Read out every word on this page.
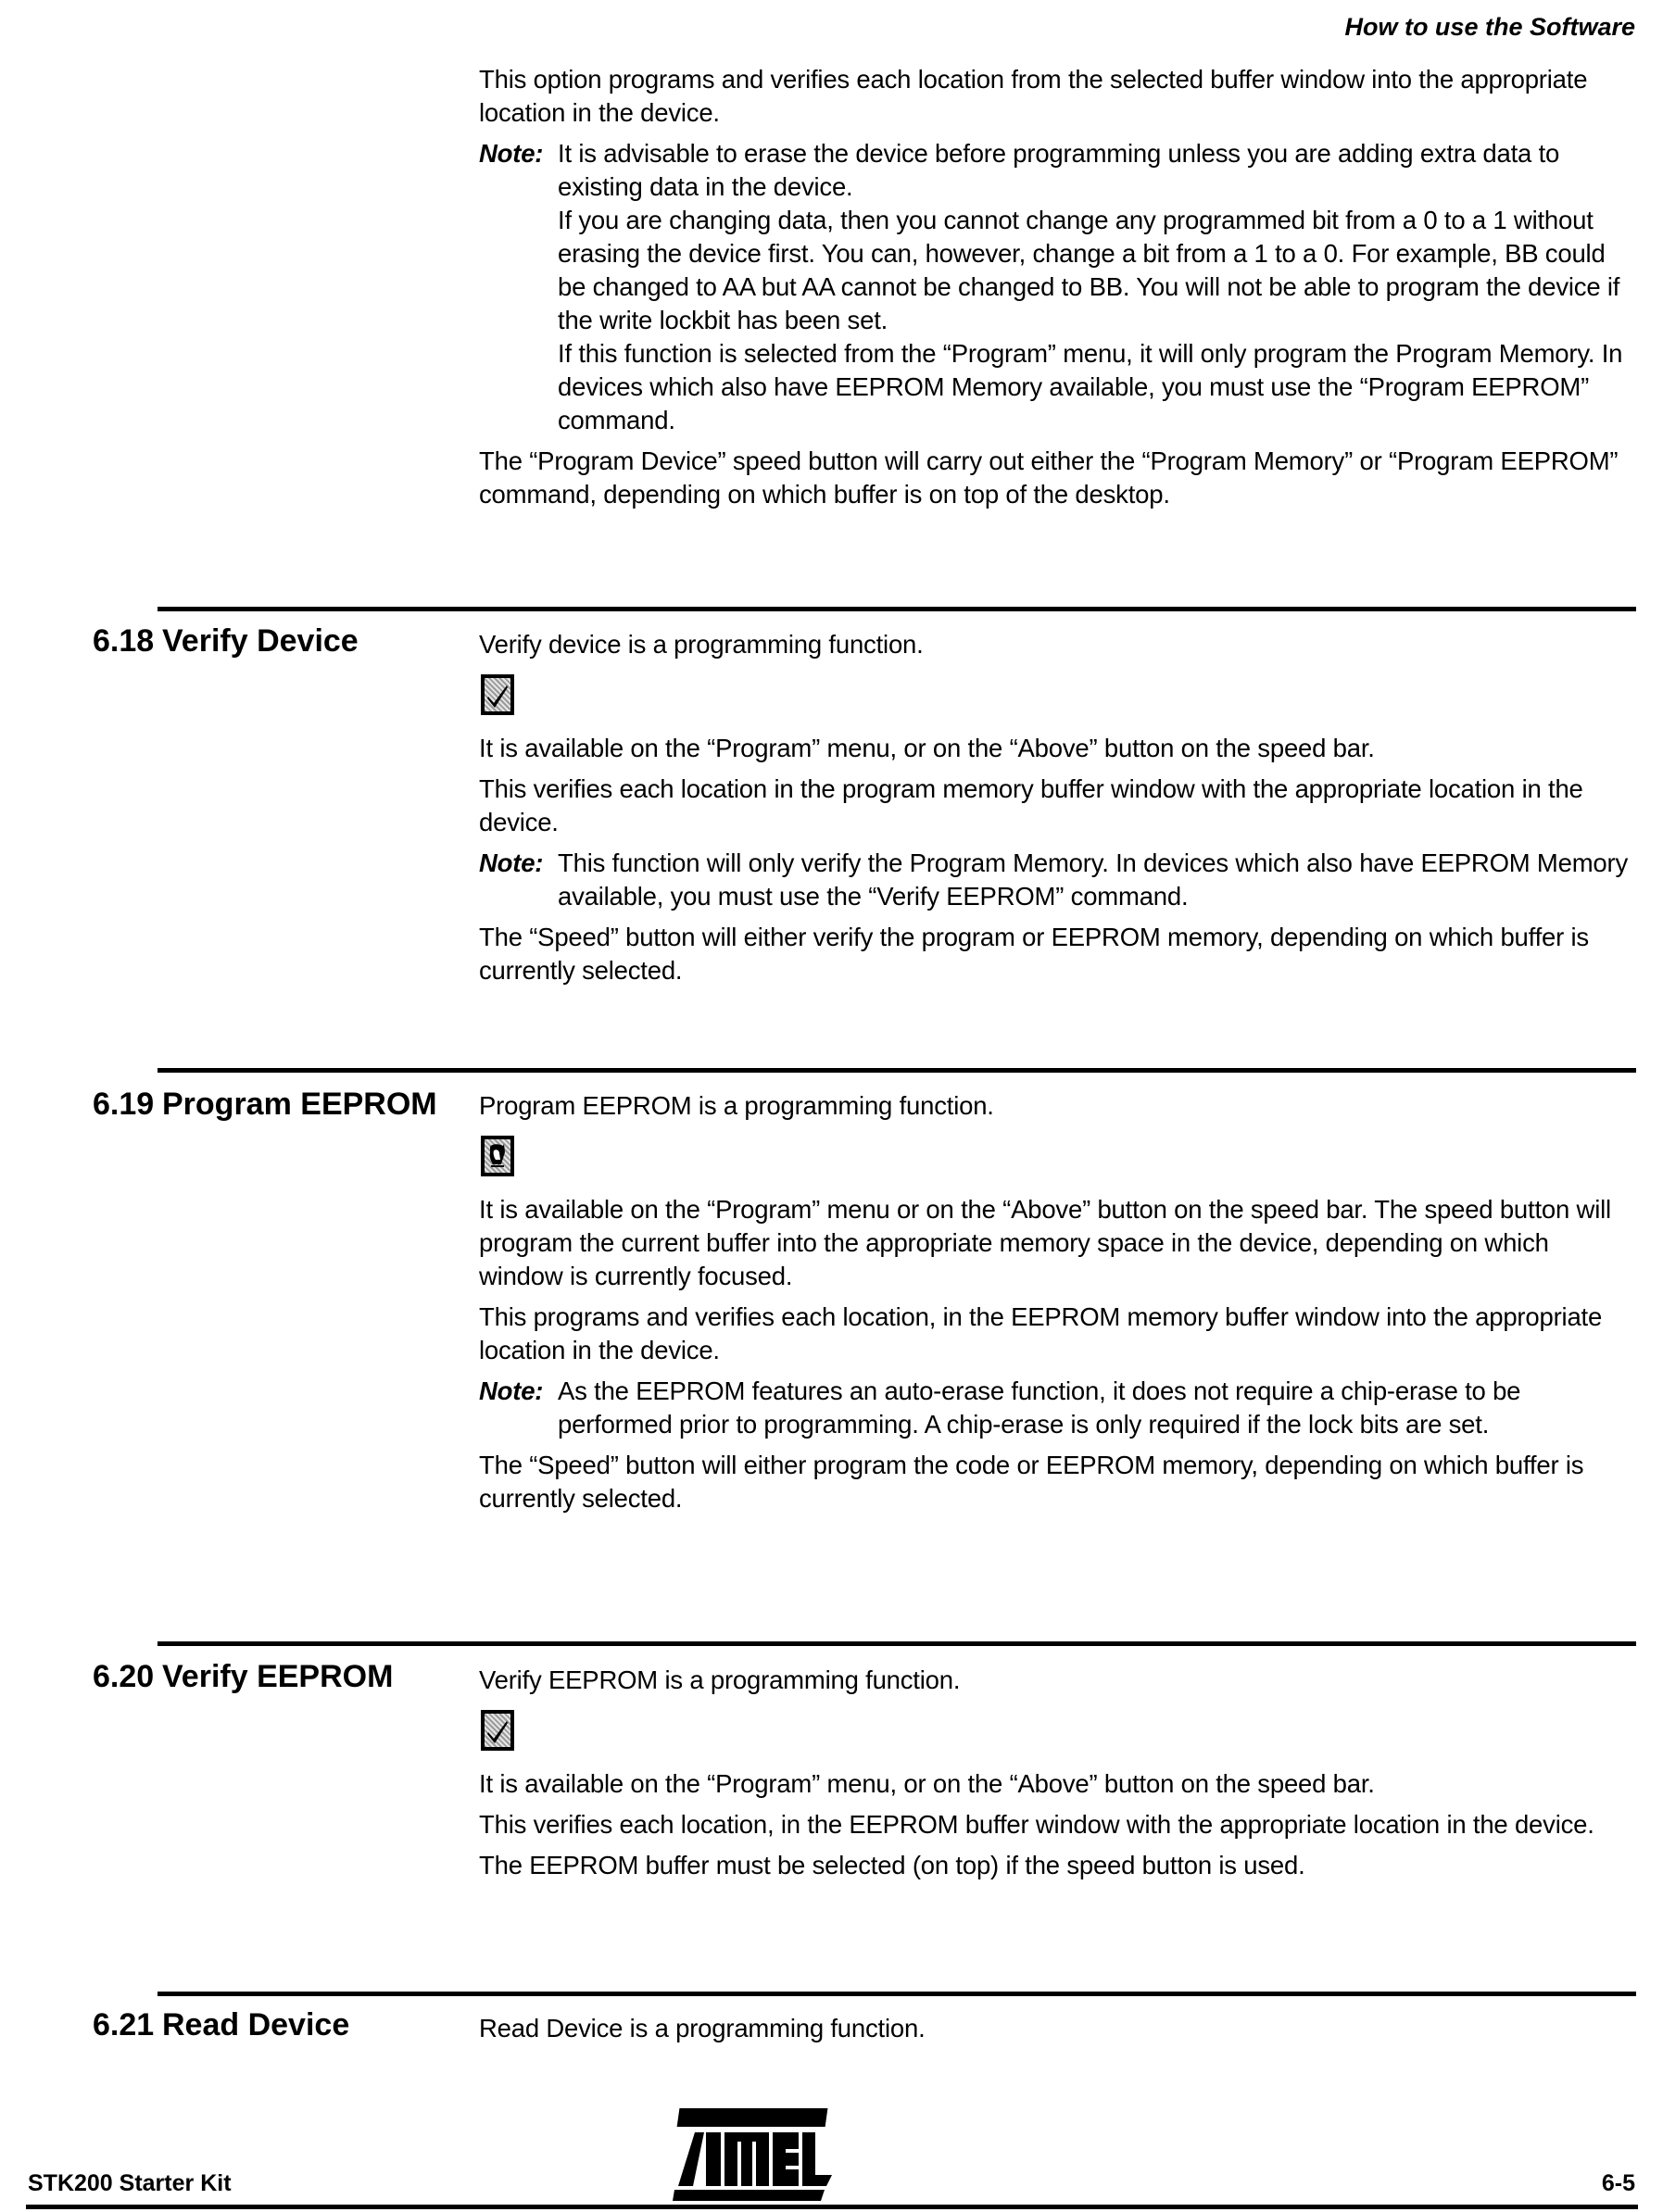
How to use the Software

This option programs and verifies each location from the selected buffer window into the appropriate location in the device.

Note: It is advisable to erase the device before programming unless you are adding extra data to existing data in the device.
If you are changing data, then you cannot change any programmed bit from a 0 to a 1 without erasing the device first. You can, however, change a bit from a 1 to a 0. For example, BB could be changed to AA but AA cannot be changed to BB. You will not be able to program the device if the write lockbit has been set.
If this function is selected from the “Program” menu, it will only program the Program Memory. In devices which also have EEPROM Memory available, you must use the “Program EEPROM” command.

The “Program Device” speed button will carry out either the “Program Memory” or “Program EEPROM” command, depending on which buffer is on top of the desktop.

6.18 Verify Device	Verify device is a programming function.

It is available on the “Program” menu, or on the “Above” button on the speed bar.

This verifies each location in the program memory buffer window with the appropriate location in the device.

Note: This function will only verify the Program Memory. In devices which also have EEPROM Memory available, you must use the “Verify EEPROM” command.

The “Speed” button will either verify the program or EEPROM memory, depending on which buffer is currently selected.

6.19 Program EEPROM	Program EEPROM is a programming function.

It is available on the “Program” menu or on the “Above” button on the speed bar. The speed button will program the current buffer into the appropriate memory space in the device, depending on which window is currently focused.

This programs and verifies each location, in the EEPROM memory buffer window into the appropriate location in the device.

Note: As the EEPROM features an auto-erase function, it does not require a chip-erase to be performed prior to programming. A chip-erase is only required if the lock bits are set.

The “Speed” button will either program the code or EEPROM memory, depending on which buffer is currently selected.

6.20 Verify EEPROM	Verify EEPROM is a programming function.

It is available on the “Program” menu, or on the “Above” button on the speed bar.

This verifies each location, in the EEPROM buffer window with the appropriate location in the device.

The EEPROM buffer must be selected (on top) if the speed button is used.

6.21 Read Device	Read Device is a programming function.

STK200 Starter Kit	6-5
